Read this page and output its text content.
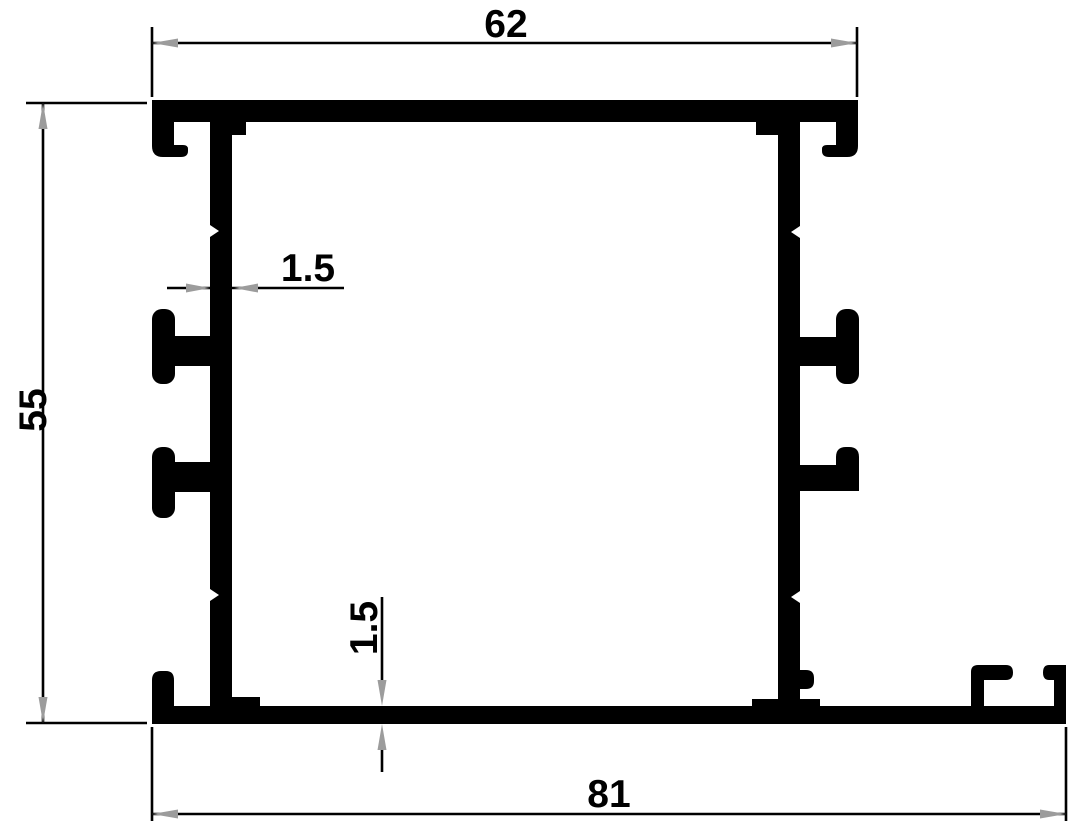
62
55
81
1.5
1.5
